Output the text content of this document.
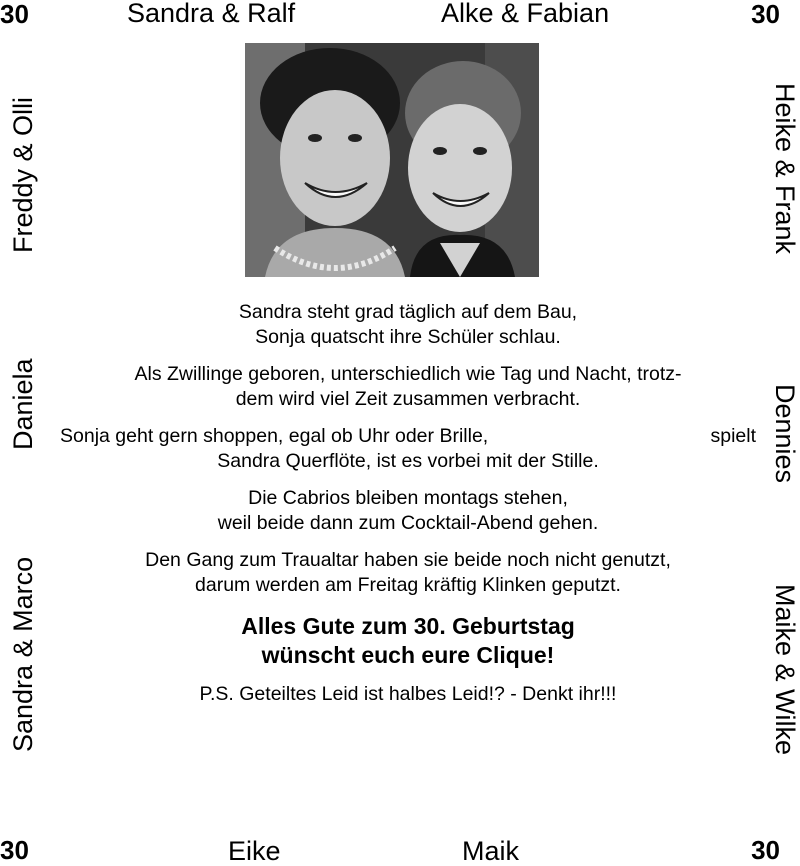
30	30
30	30
Sandra & Ralf	Alke & Fabian
Eike	Maik
Freddy & Olli
Daniela
Sandra & Marco
Heike & Frank
Dennies
Maike & Wilke
Sandra steht grad täglich auf dem Bau,
Sonja quatscht ihre Schüler schlau.
Als Zwillinge geboren, unterschiedlich wie Tag und Nacht, trotz-
dem wird viel Zeit zusammen verbracht.
Sonja geht gern shoppen, egal ob Uhr oder Brille,	spielt
Sandra Querflöte, ist es vorbei mit der Stille.
Die Cabrios bleiben montags stehen,
weil beide dann zum Cocktail-Abend gehen.
Den Gang zum Traualtar haben sie beide noch nicht genutzt,
darum werden am Freitag kräftig Klinken geputzt.
Alles Gute zum 30. Geburtstag
wünscht euch eure Clique!
P.S. Geteiltes Leid ist halbes Leid!? - Denkt ihr!!!
